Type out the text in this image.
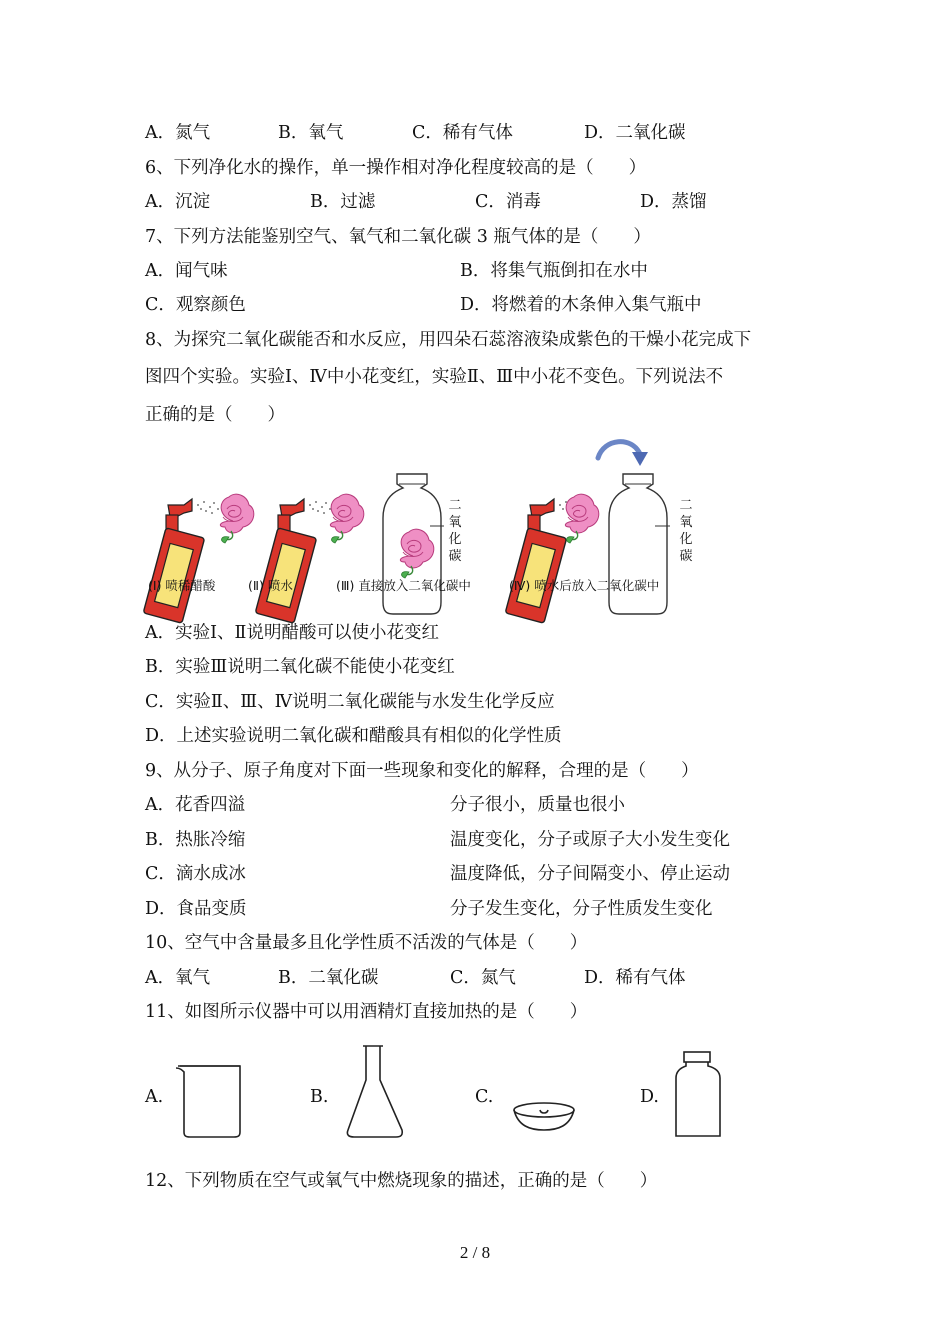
A．氮气	B．氧气	C．稀有气体	D．二氧化碳
6、下列净化水的操作，单一操作相对净化程度较高的是（　　）
A．沉淀	B．过滤	C．消毒	D．蒸馏
7、下列方法能鉴别空气、氧气和二氧化碳 3 瓶气体的是（　　）
A．闻气味	B．将集气瓶倒扣在水中
C．观察颜色	D．将燃着的木条伸入集气瓶中
8、为探究二氧化碳能否和水反应，用四朵石蕊溶液染成紫色的干燥小花完成下
图四个实验。实验Ⅰ、Ⅳ中小花变红，实验Ⅱ、Ⅲ中小花不变色。下列说法不
正确的是（　　）
二
氧
化
碳
二
氧
化
碳
(I) 喷稀醋酸	(Ⅱ) 喷水	(Ⅲ) 直接放入二氧化碳中	(Ⅳ) 喷水后放入二氧化碳中
A．实验Ⅰ、Ⅱ说明醋酸可以使小花变红
B．实验Ⅲ说明二氧化碳不能使小花变红
C．实验Ⅱ、Ⅲ、Ⅳ说明二氧化碳能与水发生化学反应
D．上述实验说明二氧化碳和醋酸具有相似的化学性质
9、从分子、原子角度对下面一些现象和变化的解释，合理的是（　　）
A．花香四溢	分子很小，质量也很小
B．热胀冷缩	温度变化，分子或原子大小发生变化
C．滴水成冰	温度降低，分子间隔变小、停止运动
D．食品变质	分子发生变化，分子性质发生变化
10、空气中含量最多且化学性质不活泼的气体是（　　）
A．氧气	B．二氧化碳	C．氮气	D．稀有气体
11、如图所示仪器中可以用酒精灯直接加热的是（　　）
A.	B.	C.	D.
12、下列物质在空气或氧气中燃烧现象的描述，正确的是（　　）
2 / 8
